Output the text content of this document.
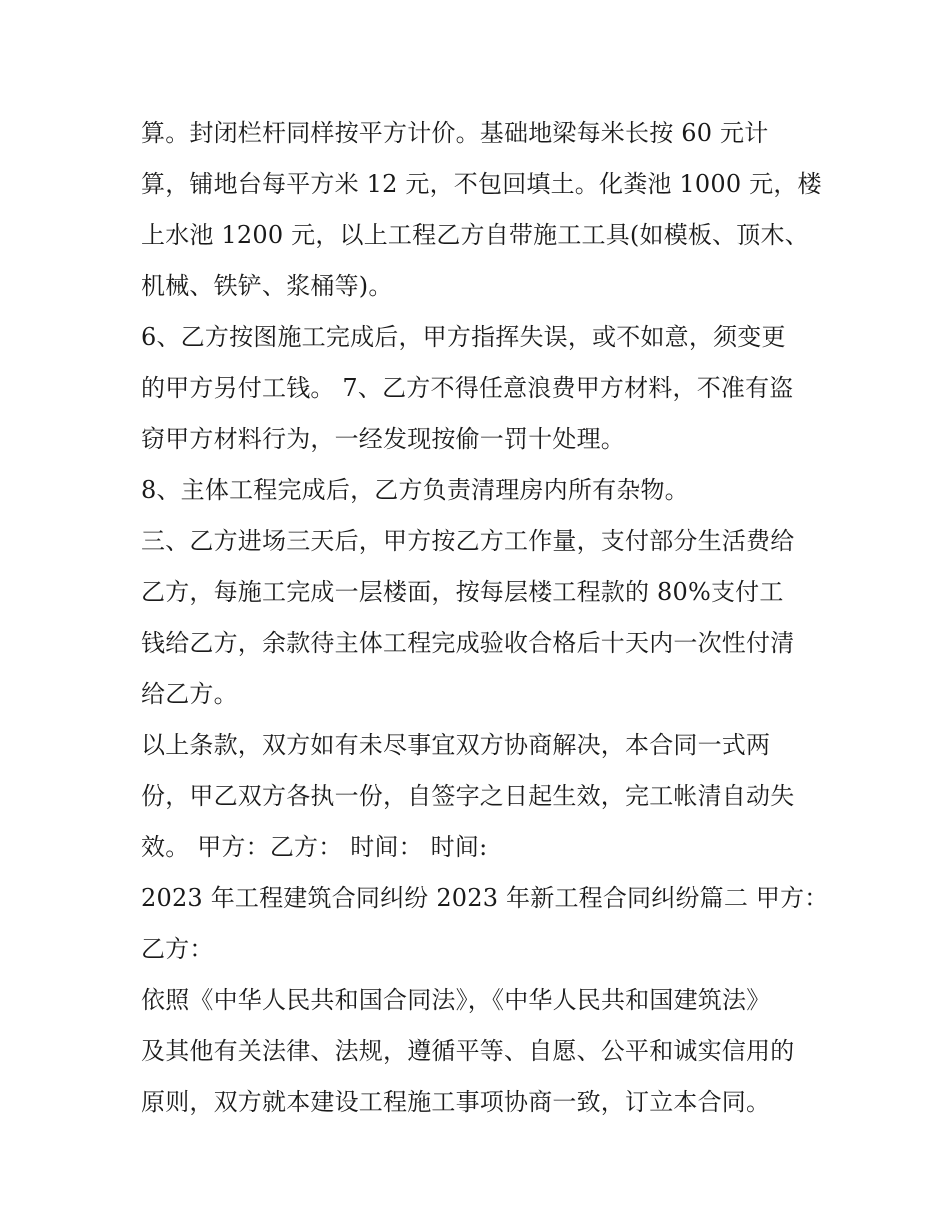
算。封闭栏杆同样按平方计价。基础地梁每米长按 60 元计
算，铺地台每平方米 12 元，不包回填土。化粪池 1000 元，楼
上水池 1200 元，以上工程乙方自带施工工具(如模板、顶木、
机械、铁铲、浆桶等)。
6、乙方按图施工完成后，甲方指挥失误，或不如意，须变更
的甲方另付工钱。 7、乙方不得任意浪费甲方材料，不准有盗
窃甲方材料行为，一经发现按偷一罚十处理。
8、主体工程完成后，乙方负责清理房内所有杂物。
三、乙方进场三天后，甲方按乙方工作量，支付部分生活费给
乙方，每施工完成一层楼面，按每层楼工程款的 80%支付工
钱给乙方，余款待主体工程完成验收合格后十天内一次性付清
给乙方。
以上条款，双方如有未尽事宜双方协商解决，本合同一式两
份，甲乙双方各执一份，自签字之日起生效，完工帐清自动失
效。 甲方：乙方： 时间： 时间:
2023 年工程建筑合同纠纷 2023 年新工程合同纠纷篇二 甲方：
乙方：
依照《中华人民共和国合同法》，《中华人民共和国建筑法》
及其他有关法律、法规，遵循平等、自愿、公平和诚实信用的
原则，双方就本建设工程施工事项协商一致，订立本合同。
